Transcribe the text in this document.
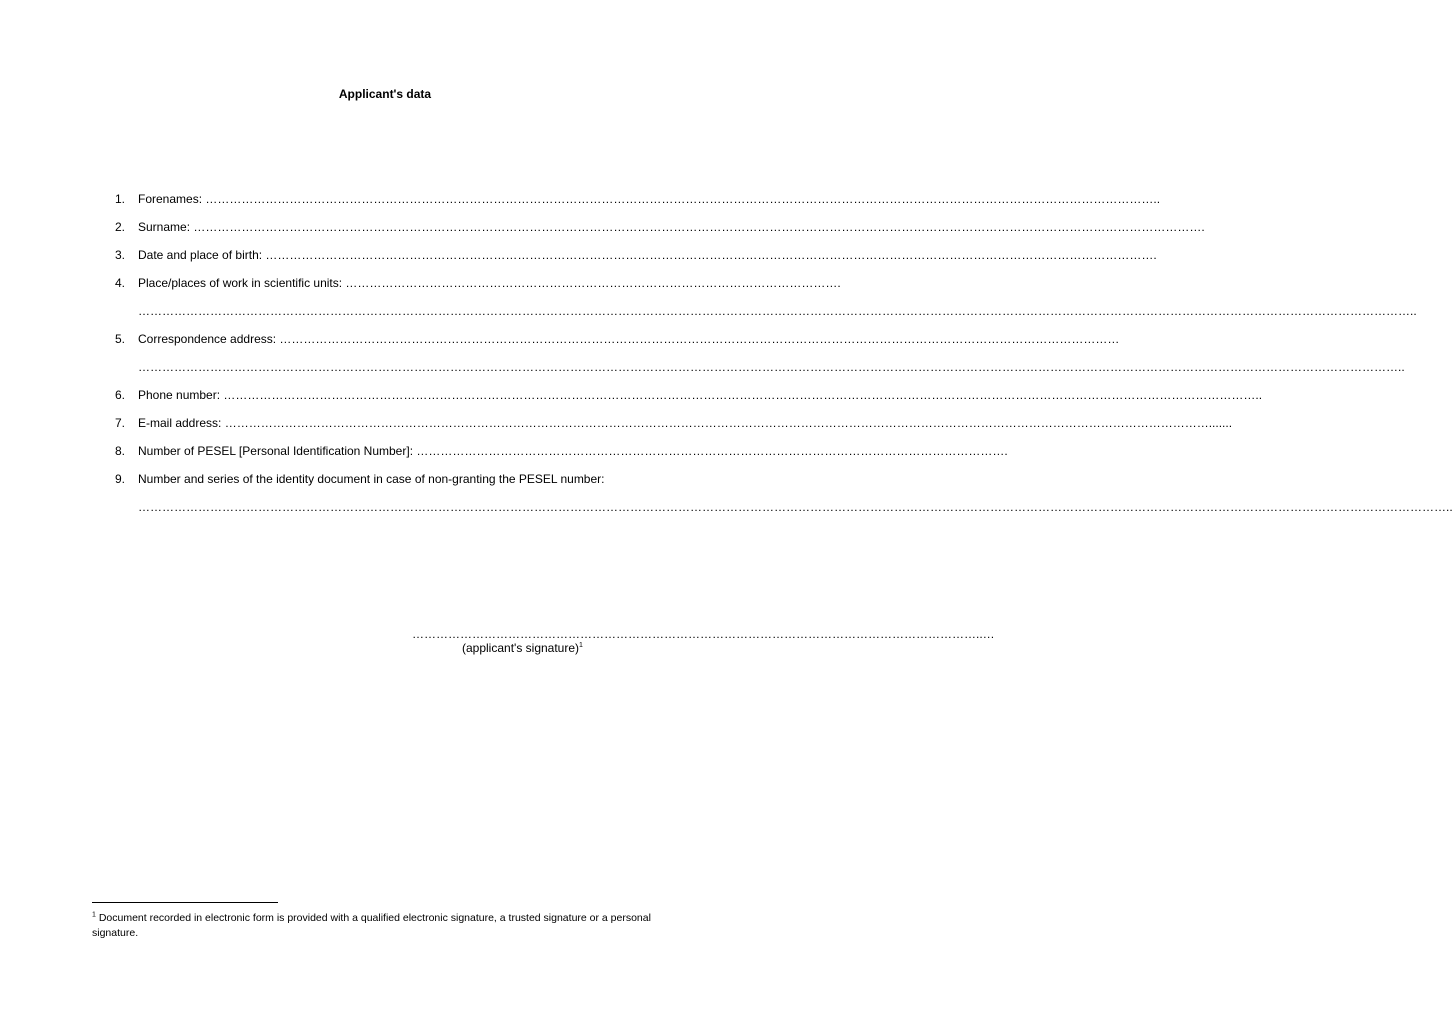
Applicant's data
1.	Forenames: …………………………………………………………………………………………………………………………………………………………………………………………………………………..
2.	Surname: ……………………………………………………………………………………………………………………………………………………………………………………………………………………………….
3.	Date and place of birth: …………………………………………………………………………………………………………………………………………………………………………………………………….
4.	Place/places of work in scientific units: …………………………………………………………………………………………………………….
…………………………………………………………………………………………………………………………………………………………………………………………………………………………………………………………………………………………..
5.	Correspondence address: …………………………………………………………………………………………………………………………………………………………………………………………
………………………………………………………………………………………………………………………………………………………………………………………………………………………………………………………………………………………..
6.	Phone number: ……………………………………………………………………………………………………………………………………………………………………………………………………………………………………..
7.	E-mail address: ………………………………………………………………………………………………………………………………………………………………………………………………………………………….......
8.	Number of PESEL [Personal Identification Number]: ………………………………………………………………………………………………………………………………….
9.	Number and series of the identity document in case of non-granting the PESEL number:
…………………………………………………………………………………………………………………………………………………………………………………………………………………………………………………………………………………………………..
……………………………………………………………………………………………………………………………..…
(applicant's signature)$^1$
$^1$ Document recorded in electronic form is provided with a qualified electronic signature, a trusted signature or a personal signature.
